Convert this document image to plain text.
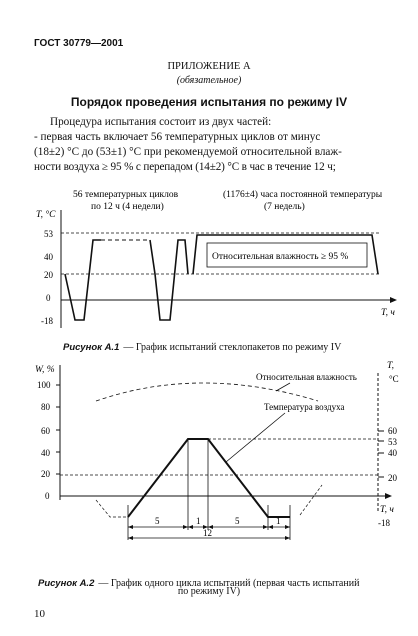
ГОСТ 30779—2001
ПРИЛОЖЕНИЕ А
(обязательное)
Порядок проведения испытания по режиму IV
Процедура испытания состоит из двух частей:
- первая часть включает 56 температурных циклов от минус
(18±2) °C до (53±1) °C при рекомендуемой относительной влаж-
ности воздуха ≥ 95 % с перепадом (14±2) °C в час в течение 12 ч;
56 температурных циклов
по 12 ч (4 недели)
(1176±4) часа постоянной температуры
(7 недель)
T, °C
53
40
20
0
-18
T, ч
Относительная влажность ≥ 95 %
Рисунок А.1 — График испытаний стеклопакетов по режиму IV
W, %	T,
°C
100
80
60
40
20
0
60
53
40
20
-18
T, ч
Относительная влажность
Температура воздуха
5	1	5	1
12
Рисунок А.2 — График одного цикла испытаний (первая часть испытаний
по режиму IV)
10
